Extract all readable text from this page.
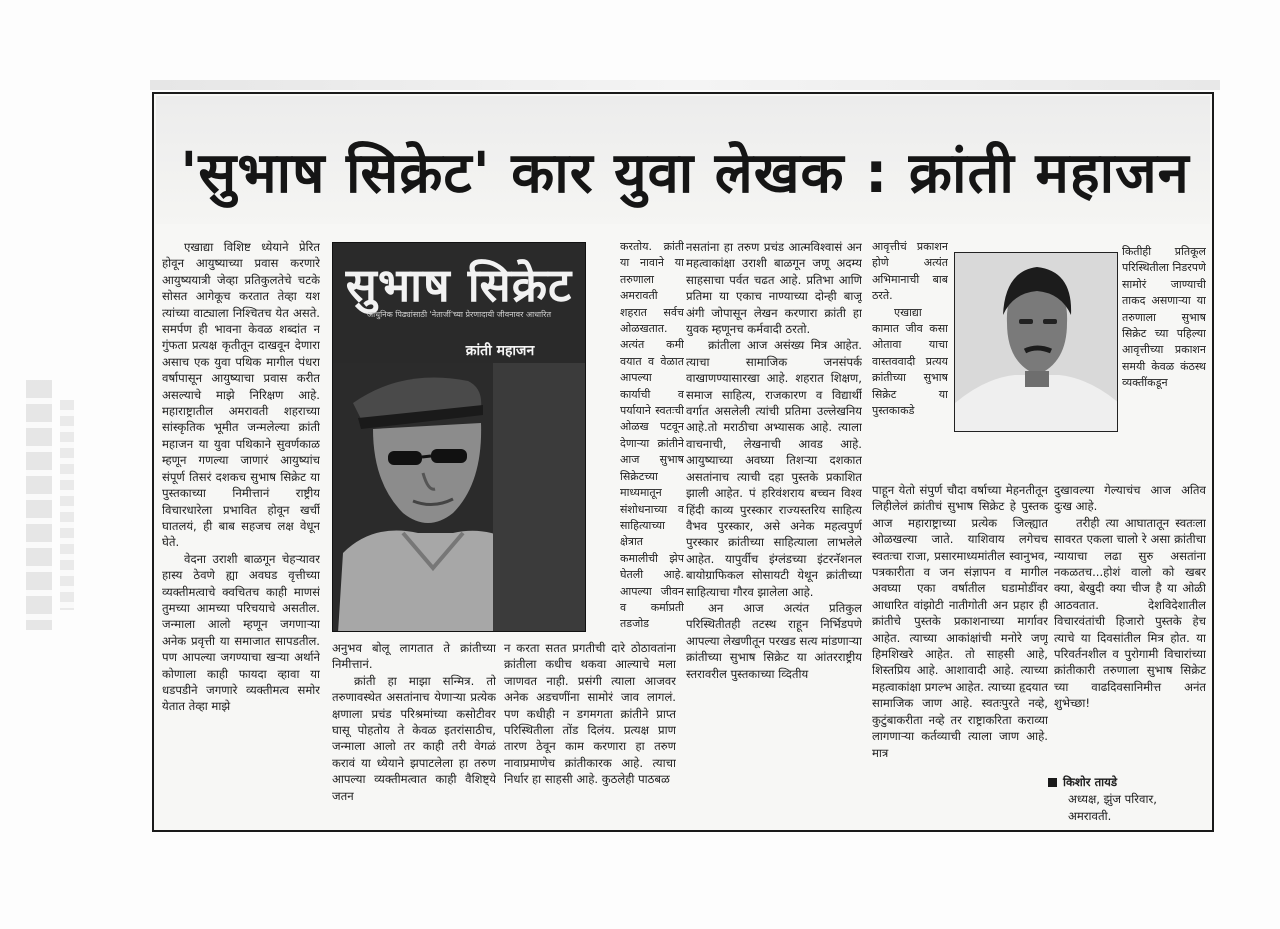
'सुभाष सिक्रेट' कार युवा लेखक : क्रांती महाजन

एखाद्या विशिष्ट ध्येयाने प्रेरित होवून आयुष्याच्या प्रवास करणारे आयुष्ययात्री जेव्हा प्रतिकुलतेचे चटके सोसत आगेकूच करतात तेव्हा यश त्यांच्या वाट्याला निश्चितच येत असते. समर्पण ही भावना केवळ शब्दांत न गुंफता प्रत्यक्ष कृतीतून दाखवून देणारा असाच एक युवा पथिक मागील पंधरा वर्षापासून आयुष्याचा प्रवास करीत असल्याचे माझे निरिक्षण आहे. महाराष्ट्रातील अमरावती शहराच्या सांस्कृतिक भूमीत जन्मलेल्या क्रांती महाजन या युवा पथिकाने सुवर्णकाळ म्हणून गणल्या जाणारं आयुष्यांच संपूर्ण तिसरं दशकच सुभाष सिक्रेट या पुस्तकाच्या निमीत्तानं राष्ट्रीय विचारधारेला प्रभावित होवून खर्ची घातलयं, ही बाब सहजच लक्ष वेधून घेते.

वेदना उराशी बाळगून चेहऱ्यावर हास्य ठेवणे ह्या अवघड वृत्तीच्या व्यक्तीमत्वाचे क्वचितच काही माणसं तुमच्या आमच्या परिचयाचे असतील. जन्माला आलो म्हणून जगणाऱ्या अनेक प्रवृत्ती या समाजात सापडतील. पण आपल्या जगण्याचा खऱ्या अर्थाने कोणाला काही फायदा व्हावा या धडपडीने जगणारे व्यक्तीमत्व समोर येतात तेव्हा माझे

सुभाष सिक्रेट
आधुनिक पिढ्यांसाठी 'नेताजीं'च्या प्रेरणादायी जीवनावर आधारित
क्रांती महाजन

करतोय. क्रांती या नावाने या तरुणाला अमरावती शहरात सर्वच ओळखतात. अत्यंत कमी वयात व वेळात आपल्या कार्याची व पर्यायाने स्वतःची ओळख पटवून देणाऱ्या क्रांतीने आज सुभाष सिक्रेटच्या माध्यमातून संशोधनाच्या व साहित्याच्या क्षेत्रात कमालीची झेप घेतली आहे. आपल्या जीवन व कर्माप्रती तडजोड

अनुभव बोलू लागतात ते क्रांतीच्या निमीत्तानं.

क्रांती हा माझा सन्मित्र. तो तरुणावस्थेत असतांनाच येणाऱ्या प्रत्येक क्षणाला प्रचंड परिश्रमांच्या कसोटीवर घासू पोहतोय ते केवळ इतरांसाठीच, जन्माला आलो तर काही तरी वेगळं करावं या ध्येयाने झपाटलेला हा तरुण आपल्या व्यक्तीमत्वात काही वैशिष्ट्ये जतन

न करता सतत प्रगतीची दारे ठोठावतांना क्रांतीला कधीच थकवा आल्याचे मला जाणवत नाही. प्रसंगी त्याला आजवर अनेक अडचणींना सामोरं जाव लागलं. पण कधीही न डगमगता क्रांतीने प्राप्त परिस्थितीला तोंड दिलंय. प्रत्यक्ष प्राण तारण ठेवून काम करणारा हा तरुण नावाप्रमाणेच क्रांतीकारक आहे. त्याचा निर्धार हा साहसी आहे. कुठलेही पाठबळ

नसतांना हा तरुण प्रचंड आत्मविश्वासं अन महत्वाकांक्षा उराशी बाळगून जणू अदम्य साहसाचा पर्वत चढत आहे. प्रतिभा आणि प्रतिमा या एकाच नाण्याच्या दोन्ही बाजू अंगी जोपासून लेखन करणारा क्रांती हा युवक म्हणूनच कर्मवादी ठरतो.

क्रांतीला आज असंख्य मित्र आहेत. त्याचा सामाजिक जनसंपर्क वाखाणण्यासारखा आहे. शहरात शिक्षण, समाज साहित्य, राजकारण व विद्यार्थी वर्गात असलेली त्यांची प्रतिमा उल्लेखनिय आहे.तो मराठीचा अभ्यासक आहे. त्याला वाचनाची, लेखनाची आवड आहे. आयुष्याच्या अवघ्या तिशऱ्या दशकात असतांनाच त्याची दहा पुस्तके प्रकाशित झाली आहेत. पं हरिवंशराय बच्चन विश्व हिंदी काव्य पुरस्कार राज्यस्तरिय साहित्य वैभव पुरस्कार, असे अनेक महत्वपुर्ण पुरस्कार क्रांतीच्या साहित्याला लाभलेले आहेत. यापुर्वीच इंग्लंडच्या इंटरनॅशनल बायोग्राफिकल सोसायटी येथून क्रांतीच्या साहित्याचा गौरव झालेला आहे.

अन आज अत्यंत प्रतिकुल परिस्थितीतही तटस्थ राहून निर्भिडपणे आपल्या लेखणीतून परखड सत्य मांडणाऱ्या क्रांतीच्या सुभाष सिक्रेट या आंतरराष्ट्रीय स्तरावरील पुस्तकाच्या व्दितीय

आवृत्तीचं प्रकाशन होणे अत्यंत अभिमानाची बाब ठरते.

एखाद्या कामात जीव कसा ओतावा याचा वास्तववादी प्रत्यय क्रांतीच्या सुभाष सिक्रेट या पुस्तकाकडे

पाहून येतो संपुर्ण चौदा वर्षाच्या मेहनतीतून लिहीलेलं क्रांतीचं सुभाष सिक्रेट हे पुस्तक आज महाराष्ट्राच्या प्रत्येक जिल्ह्यात ओळखल्या जाते. याशिवाय लगेचच स्वतःचा राजा, प्रसारमाध्यमांतील स्वानुभव, पत्रकारीता व जन संज्ञापन व मागील अवघ्या एका वर्षातील घडामोडींवर आधारित वांझोटी नातीगोती अन प्रहार ही क्रांतीचे पुस्तके प्रकाशनाच्या मार्गावर आहेत. त्याच्या आकांक्षांची मनोरे जणू हिमशिखरे आहेत. तो साहसी आहे, शिस्तप्रिय आहे. आशावादी आहे. त्याच्या महत्वाकांक्षा प्रगल्भ आहेत. त्याच्या हृदयात सामाजिक जाण आहे. स्वतःपुरते नव्हे, कुटुंबाकरीता नव्हे तर राष्ट्राकरिता कराव्या लागणाऱ्या कर्तव्याची त्याला जाण आहे. मात्र

कितीही प्रतिकूल परिस्थितीला निडरपणे सामोरं जाण्याची ताकद असणाऱ्या या तरुणाला सुभाष सिक्रेट च्या पहिल्या आवृत्तीच्या प्रकाशन समयी केवळ कंठस्थ व्यक्तींकडून

दुखावल्या गेल्याचंच आज अतिव दुःख आहे.

तरीही त्या आघातातून स्वतःला सावरत एकला चालो रे असा क्रांतीचा न्यायाचा लढा सुरु असतांना नकळतच...होशं वालो को खबर क्या, बेखुदी क्या चीज है या ओळी आठवतात. देशविदेशातील विचारवंतांची हिजारो पुस्तके हेच त्याचे या दिवसांतील मित्र होत. या परिवर्तनशील व पुरोगामी विचारांच्या क्रांतीकारी तरुणाला सुभाष सिक्रेट च्या वाढदिवसानिमीत्त अनंत शुभेच्छा!

किशोर तायडे
अध्यक्ष, झुंज परिवार,
अमरावती.
